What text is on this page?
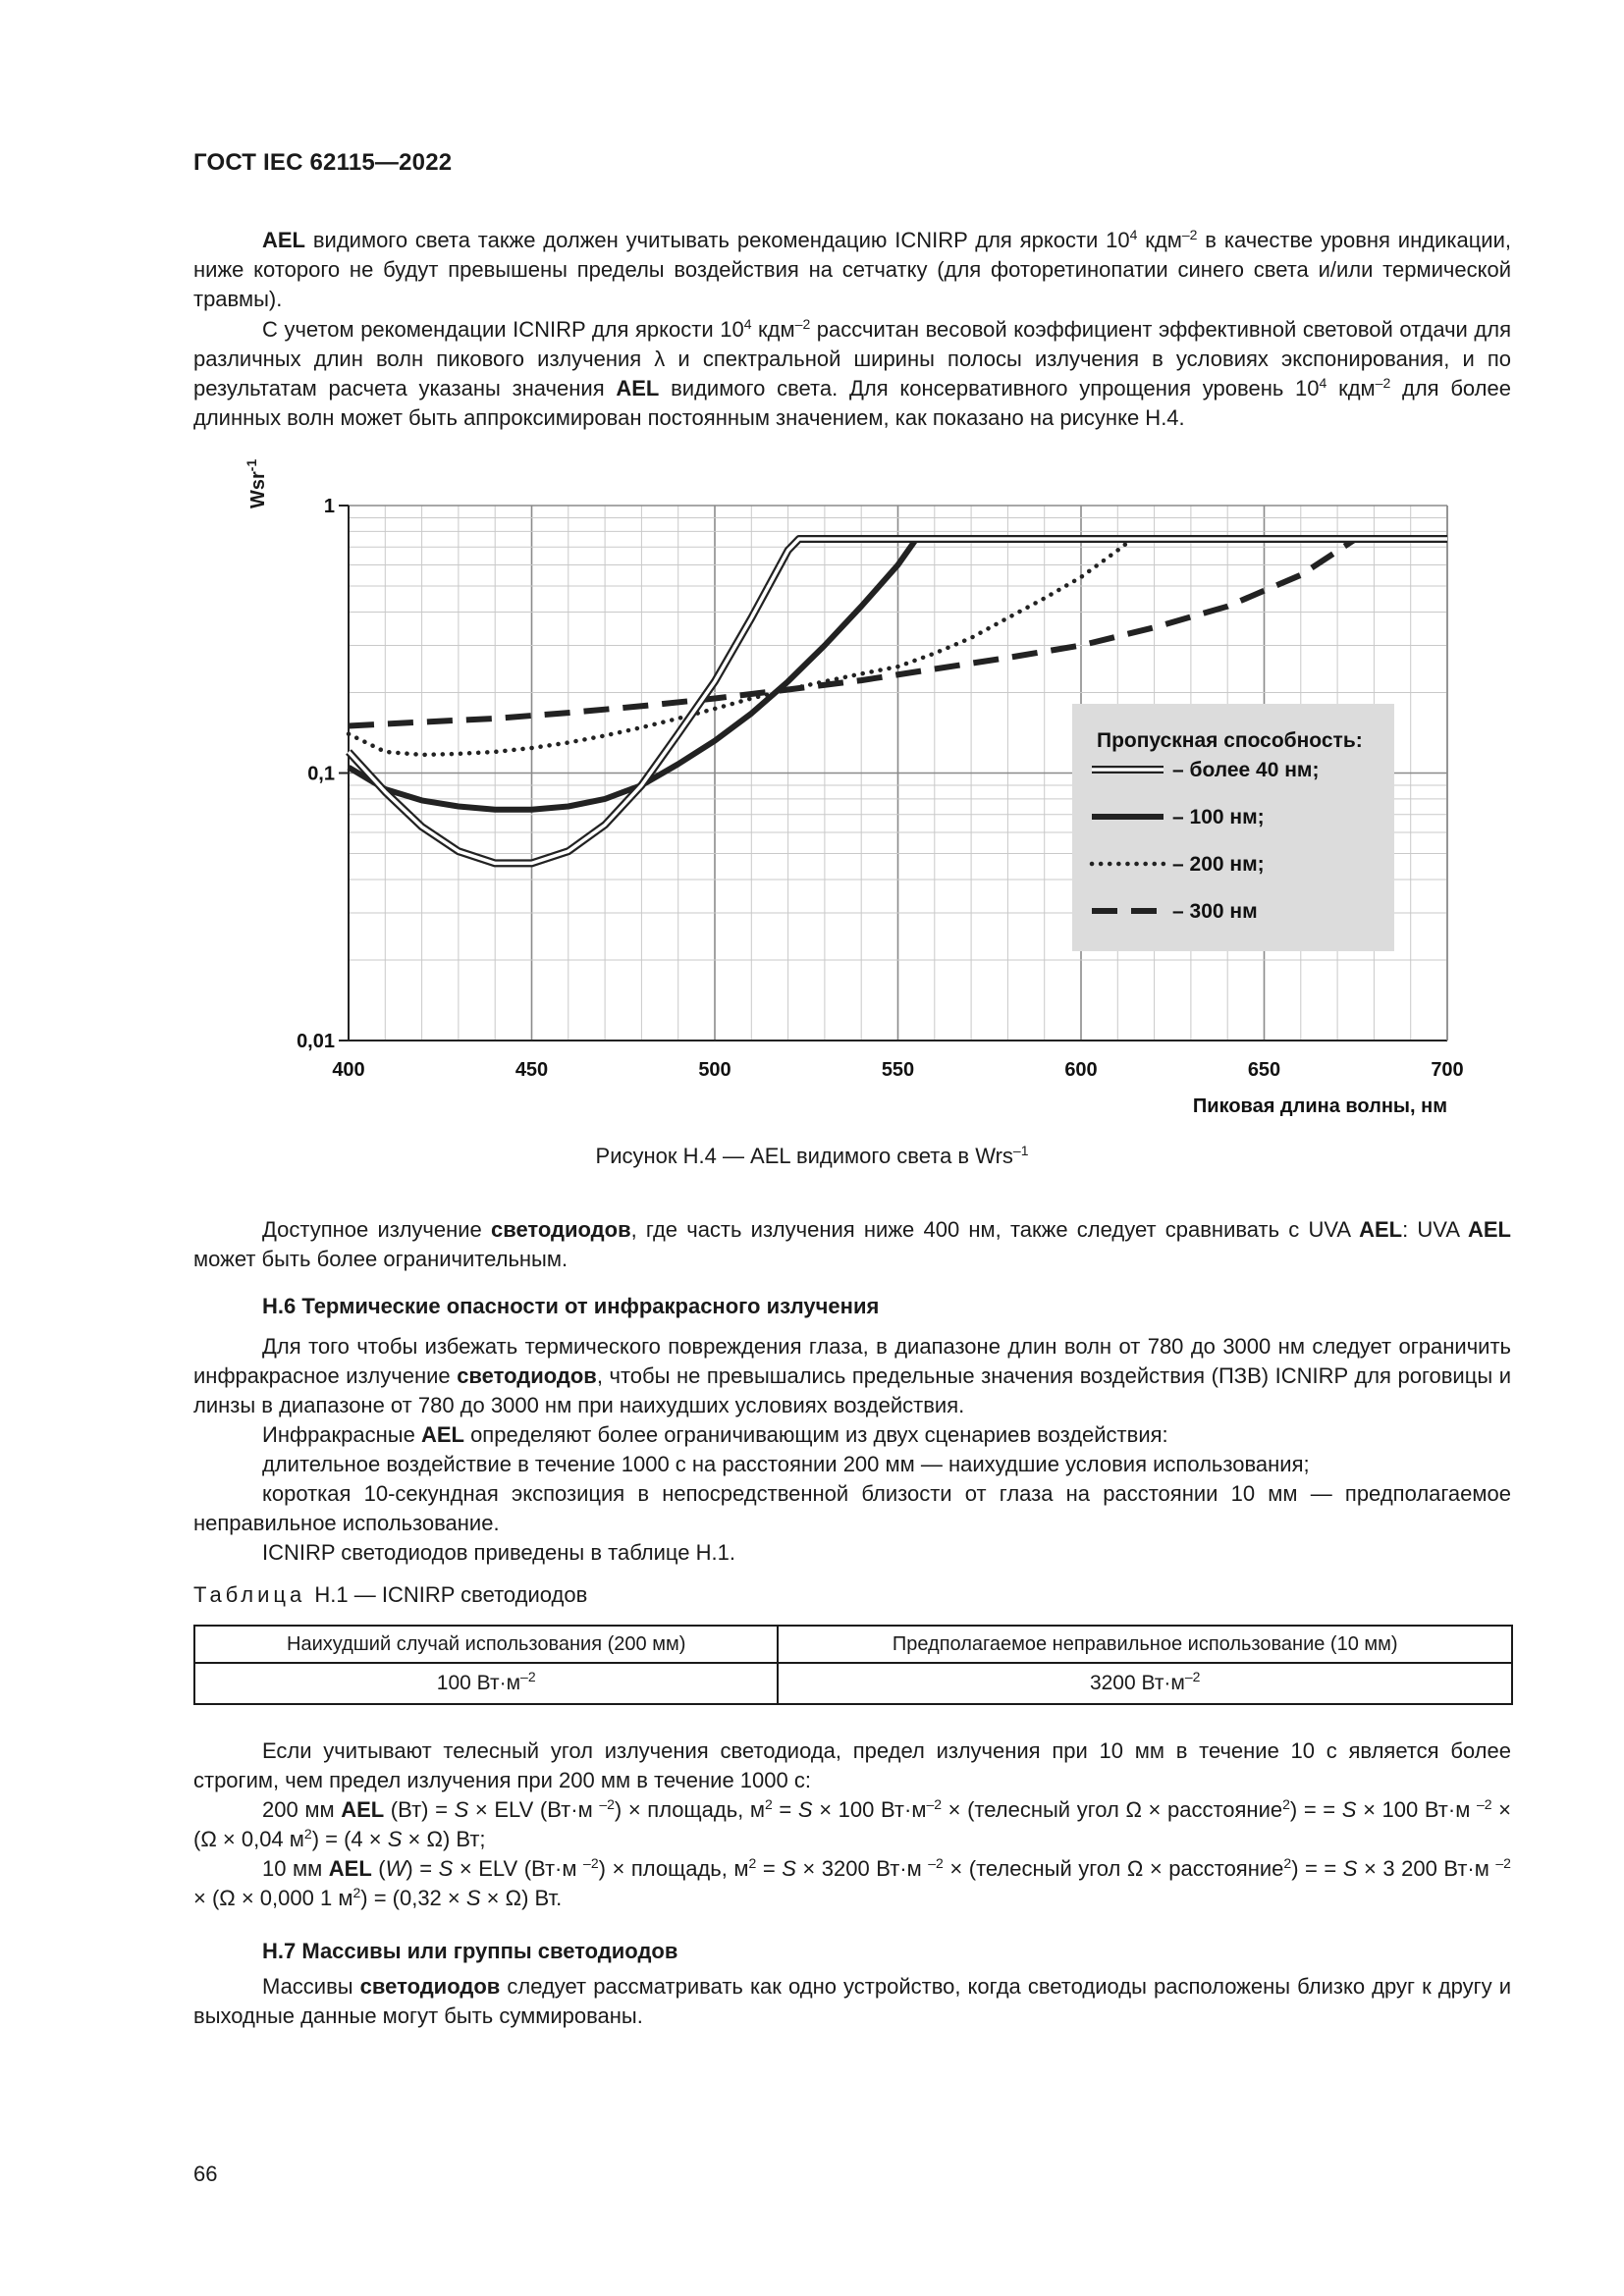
ГОСТ IEC 62115—2022

AEL видимого света также должен учитывать рекомендацию ICNIRP для яркости $10^4$ кдм$^{-2}$ в качестве уровня индикации, ниже которого не будут превышены пределы воздействия на сетчатку (для фоторетинопатии синего света и/или термической травмы).

С учетом рекомендации ICNIRP для яркости $10^4$ кдм$^{-2}$ рассчитан весовой коэффициент эффективной световой отдачи для различных длин волн пикового излучения λ и спектральной ширины полосы излучения в условиях экспонирования, и по результатам расчета указаны значения AEL видимого света. Для консервативного упрощения уровень $10^4$ кдм$^{-2}$ для более длинных волн может быть аппроксимирован постоянным значением, как показано на рисунке Н.4.

Wsr$^{-1}$
400	450	500	550	600	650	700
0,01
0,1
1
Пиковая длина волны, нм
Пропускная способность:
– более 40 нм;
– 100 нм;
– 200 нм;
– 300 нм
Рисунок Н.4 — AEL видимого света в Wrs$^{-1}$

Доступное излучение светодиодов, где часть излучения ниже 400 нм, также следует сравнивать с UVA AEL: UVA AEL может быть более ограничительным.

Н.6 Термические опасности от инфракрасного излучения

Для того чтобы избежать термического повреждения глаза, в диапазоне длин волн от 780 до 3000 нм следует ограничить инфракрасное излучение светодиодов, чтобы не превышались предельные значения воздействия (ПЗВ) ICNIRP для роговицы и линзы в диапазоне от 780 до 3000 нм при наихудших условиях воздействия.

Инфракрасные AEL определяют более ограничивающим из двух сценариев воздействия:

длительное воздействие в течение 1000 с на расстоянии 200 мм — наихудшие условия использования;

короткая 10-секундная экспозиция в непосредственной близости от глаза на расстоянии 10 мм — предполагаемое неправильное использование.

ICNIRP светодиодов приведены в таблице Н.1.

Таблица Н.1 — ICNIRP светодиодов
Наихудший случай использования (200 мм)	Предполагаемое неправильное использование (10 мм)
100 $Вт\cdot м^{-2}$	3200 $Вт\cdot м^{-2}$

Если учитывают телесный угол излучения светодиода, предел излучения при 10 мм в течение 10 с является более строгим, чем предел излучения при 200 мм в течение 1000 с:

200 мм AEL (Вт) = S × ELV (Вт·м $^{-2}$) × площадь, $м^2 = S \times 100$ $Вт\cdot м^{-2}$ × (телесный угол Ω × расстояние$^2$) = = S × 100 Вт·м $^{-2}$ × (Ω × 0,04 $м^2) = (4 \times S \times \Omega)$ Вт;

10 мм AEL (W) = S × ELV (Вт·м $^{-2}$) × площадь, $м^2 = S \times 3200$ Вт·м $^{-2}$ × (телесный угол Ω × расстояние$^2$) = = S × 3 200 Вт·м $^{-2}$ × (Ω × 0,000 1 $м^2) = (0,32 \times S \times \Omega)$ Вт.

Н.7 Массивы или группы светодиодов

Массивы светодиодов следует рассматривать как одно устройство, когда светодиоды расположены близко друг к другу и выходные данные могут быть суммированы.

66
